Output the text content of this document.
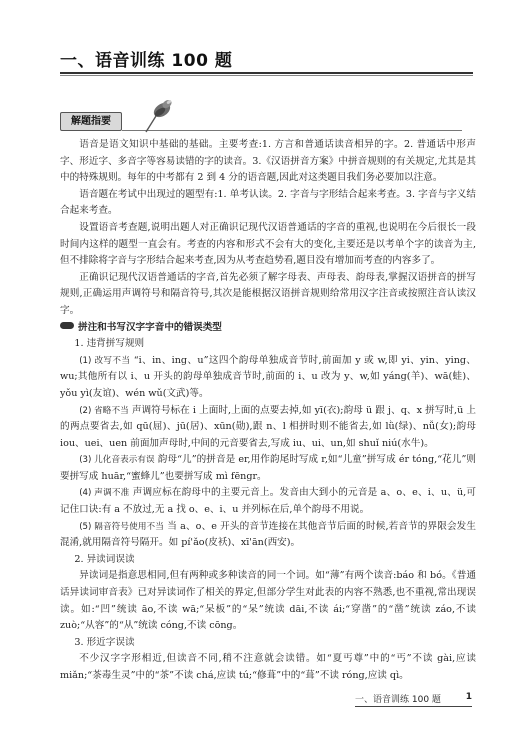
一、语音训练 100 题
解题指要

语音是语文知识中基础的基础。主要考查:1. 方言和普通话读音相异的字。2. 普通话中形声字、形近字、多音字等容易读错的字的读音。3.《汉语拼音方案》中拼音规则的有关规定,尤其是其中的特殊规则。每年的中考都有 2 到 4 分的语音题,因此对这类题目我们务必要加以注意。

语音题在考试中出现过的题型有:1. 单考认读。2. 字音与字形结合起来考查。3. 字音与字义结合起来考查。

设置语音考查题,说明出题人对正确识记现代汉语普通话的字音的重视,也说明在今后很长一段时间内这样的题型一直会有。考查的内容和形式不会有大的变化,主要还是以考单个字的读音为主,但不排除将字音与字形结合起来考查,因为从考查趋势看,题目没有增加而考查的内容多了。

正确识记现代汉语普通话的字音,首先必须了解字母表、声母表、韵母表,掌握汉语拼音的拼写规则,正确运用声调符号和隔音符号,其次是能根据汉语拼音规则给常用汉字注音或按照注音认读汉字。

拼注和书写汉字字音中的错误类型
1. 违背拼写规则

(1) 改写不当 “i、in、ing、u”这四个韵母单独成音节时,前面加 y 或 w,即 yi、yin、ying、wu;其他所有以 i、u 开头的韵母单独成音节时,前面的 i、u 改为 y、w,如 yáng(羊)、wā(蛙)、yǒu yì(友谊)、wén wǔ(文武)等。

(2) 省略不当 声调符号标在 i 上面时,上面的点要去掉,如 yī(衣);韵母 ü 跟 j、q、x 拼写时,ü 上的两点要省去,如 qū(屈)、jū(居)、xūn(勋),跟 n、l 相拼时则不能省去,如 lǜ(绿)、nǚ(女);韵母 iou、uei、uen 前面加声母时,中间的元音要省去,写成 iu、ui、un,如 shuǐ niú(水牛)。

(3) 儿化音表示有误 韵母“儿”的拼音是 er,用作韵尾时写成 r,如“儿童”拼写成 ér tóng,“花儿”则要拼写成 huār,“蜜蜂儿”也要拼写成 mì fēngr。

(4) 声调不准 声调应标在韵母中的主要元音上。发音由大到小的元音是 a、o、e、i、u、ü,可记住口诀:有 a 不放过,无 a 找 o、e、i、u 并列标在后,单个韵母不用说。

(5) 隔音符号使用不当 当 a、o、e 开头的音节连接在其他音节后面的时候,若音节的界限会发生混淆,就用隔音符号隔开。如 pí'ǎo(皮袄)、xī'ān(西安)。

2. 异读词误读

异读词是指意思相同,但有两种或多种读音的同一个词。如“薄”有两个读音:báo 和 bó。《普通话异读词审音表》已对异读词作了相关的界定,但部分学生对此表的内容不熟悉,也不重视,常出现误读。如:“凹”统读 āo,不读 wā;“呆板”的“呆”统读 dāi,不读 ái;“穿凿”的“凿”统读 záo,不读 zuò;“从容”的“从”统读 cóng,不读 cōng。

3. 形近字误读

不少汉字字形相近,但读音不同,稍不注意就会读错。如“夏丐尊”中的“丐”不读 gài,应读 miǎn;“茶毒生灵”中的“茶”不读 chá,应读 tú;“修葺”中的“葺”不读 róng,应读 qì。

一、语音训练 100 题	1
